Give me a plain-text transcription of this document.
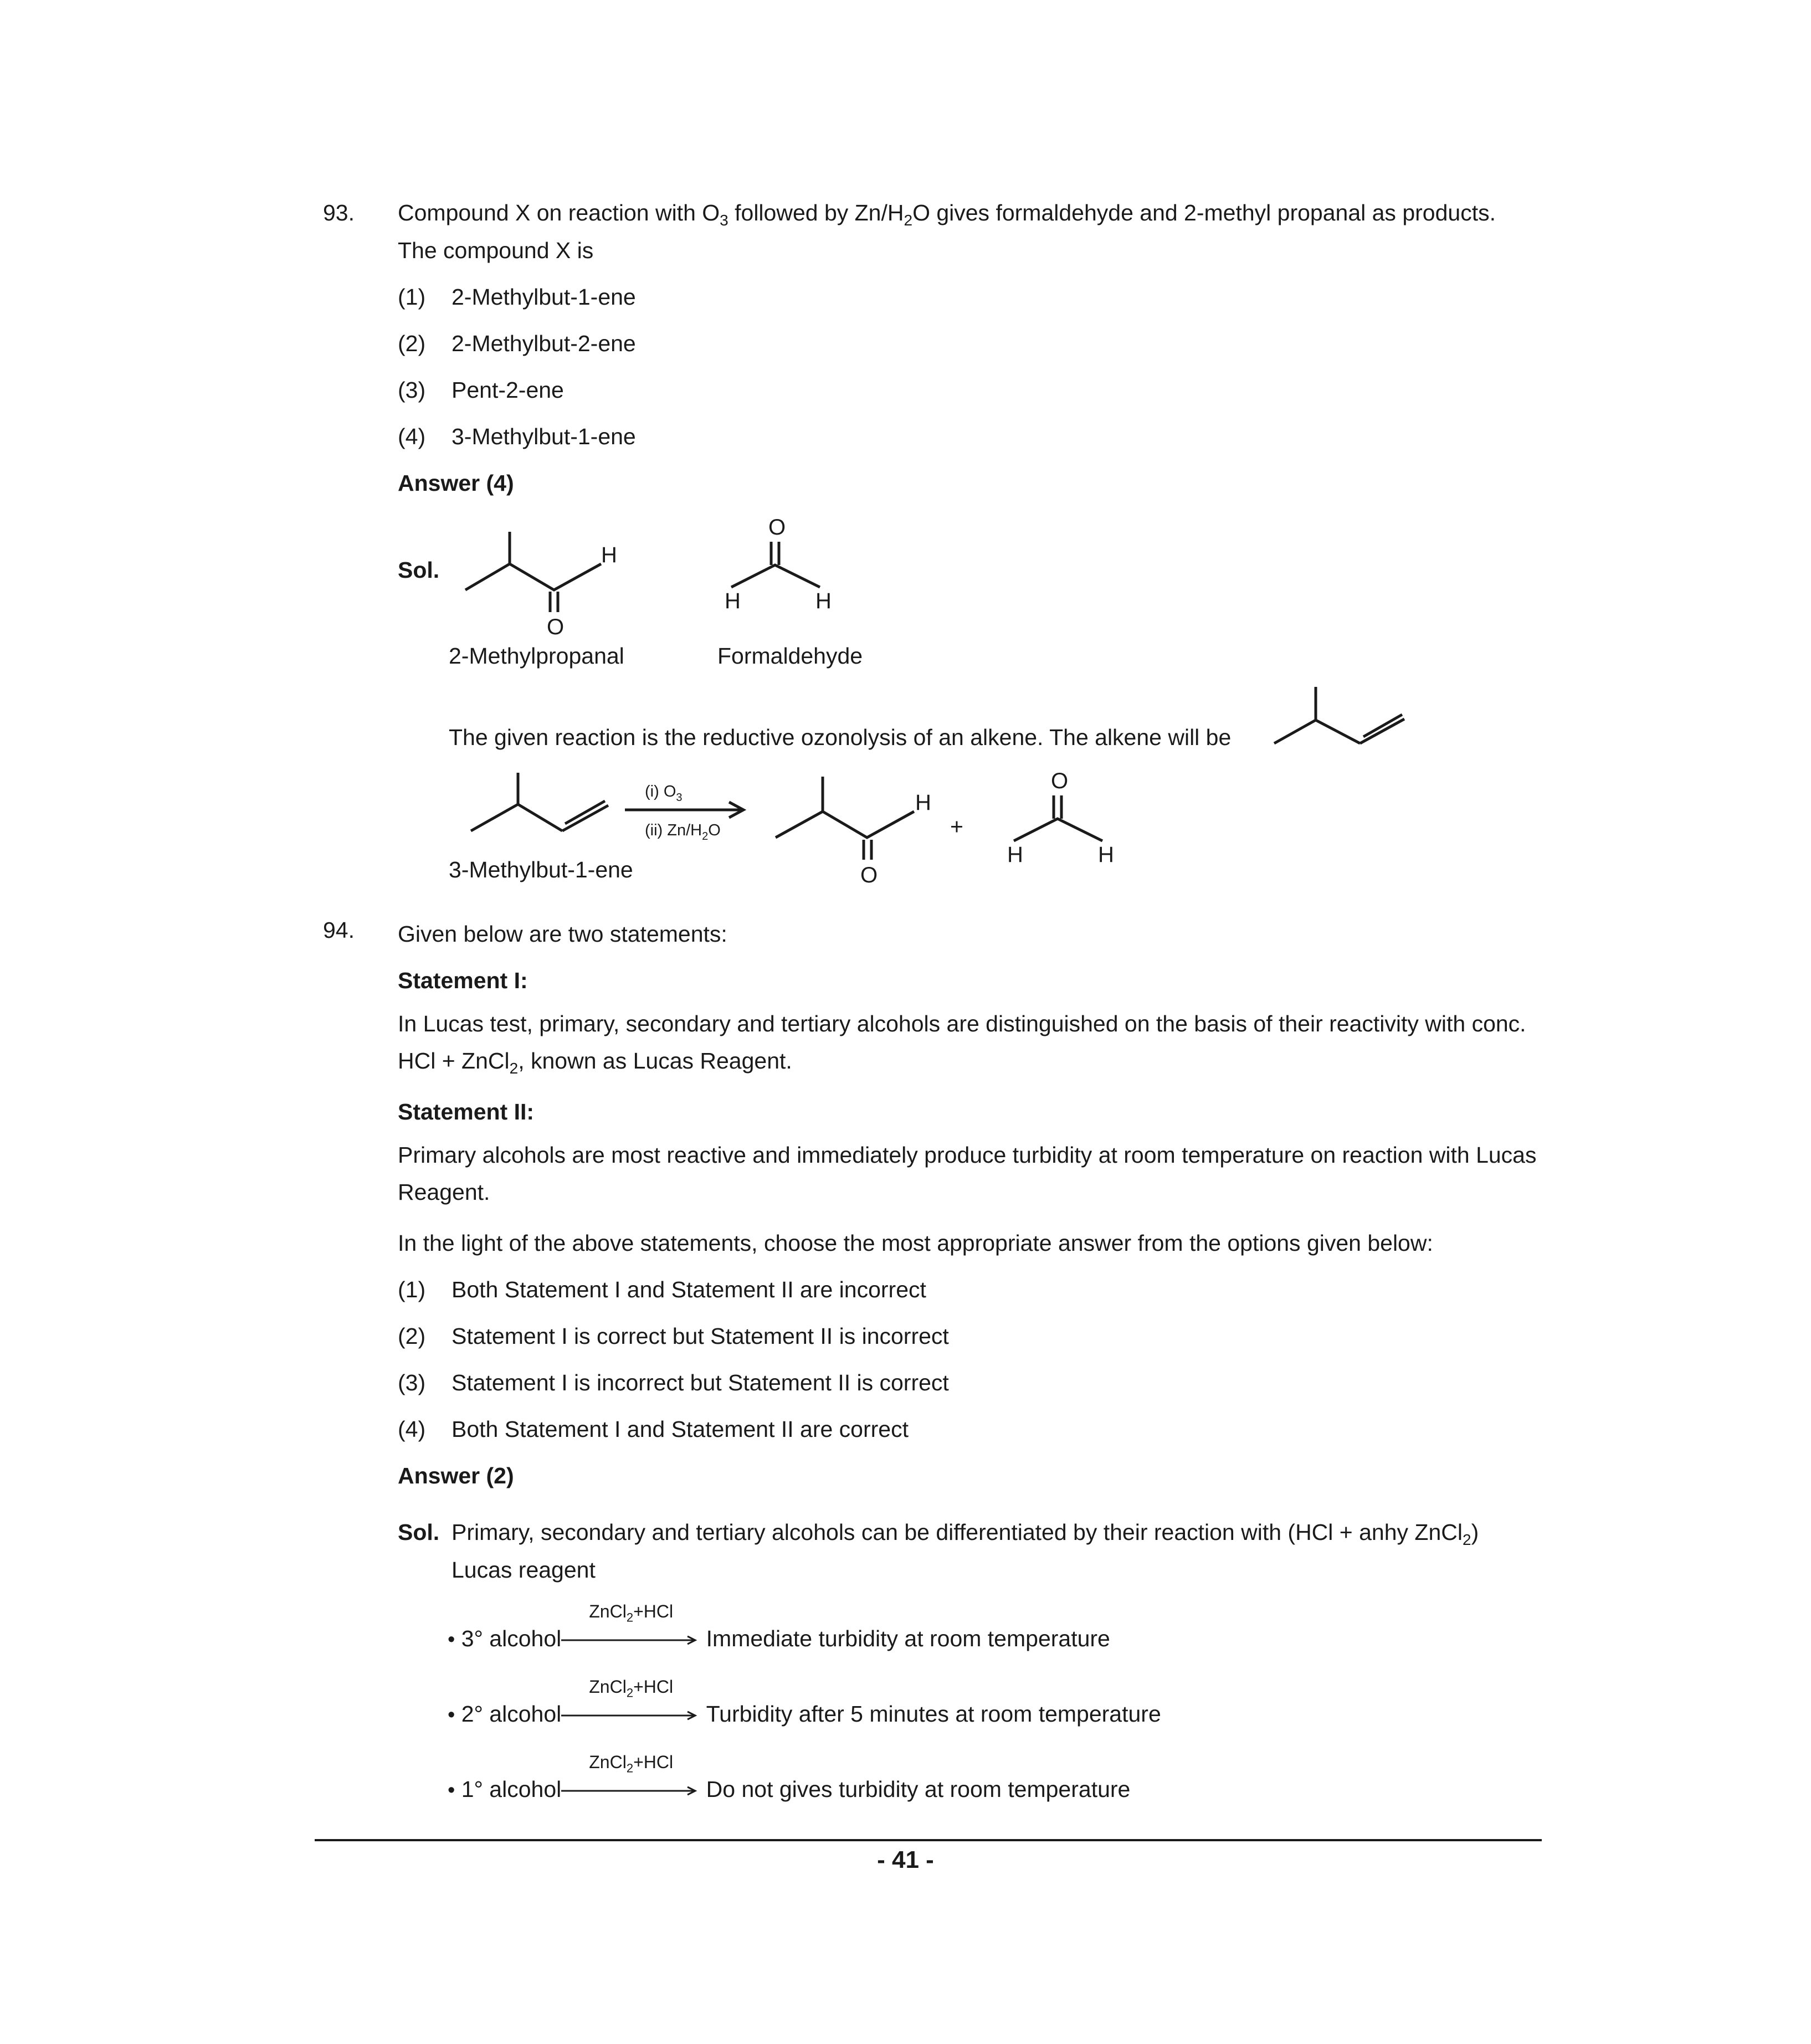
93. Compound X on reaction with $O_3$ followed by $Zn/H_2O$ gives formaldehyde and 2-methyl propanal as products.
The compound X is
(1) 2-Methylbut-1-ene
(2) 2-Methylbut-2-ene
(3) Pent-2-ene
(4) 3-Methylbut-1-ene
Answer (4)
Sol.
H
O
O
H	H
2-Methylpropanal	Formaldehyde
The given reaction is the reductive ozonolysis of an alkene. The alkene will be
(i) $O_3$
(ii) $Zn/H_2O$
H
O
+
O
H	H
3-Methylbut-1-ene
94. Given below are two statements:
Statement I:
In Lucas test, primary, secondary and tertiary alcohols are distinguished on the basis of their reactivity with conc. HCl + ZnCl$_2$, known as Lucas Reagent.
Statement II:
Primary alcohols are most reactive and immediately produce turbidity at room temperature on reaction with Lucas Reagent.
In the light of the above statements, choose the most appropriate answer from the options given below:
(1) Both Statement I and Statement II are incorrect
(2) Statement I is correct but Statement II is incorrect
(3) Statement I is incorrect but Statement II is correct
(4) Both Statement I and Statement II are correct
Answer (2)
Sol. Primary, secondary and tertiary alcohols can be differentiated by their reaction with (HCl + anhy ZnCl$_2$)
Lucas reagent
• 3° alcohol
ZnCl$_2$+HCl
Immediate turbidity at room temperature
• 2° alcohol
ZnCl$_2$+HCl
Turbidity after 5 minutes at room temperature
• 1° alcohol
ZnCl$_2$+HCl
Do not gives turbidity at room temperature
- 41 -
